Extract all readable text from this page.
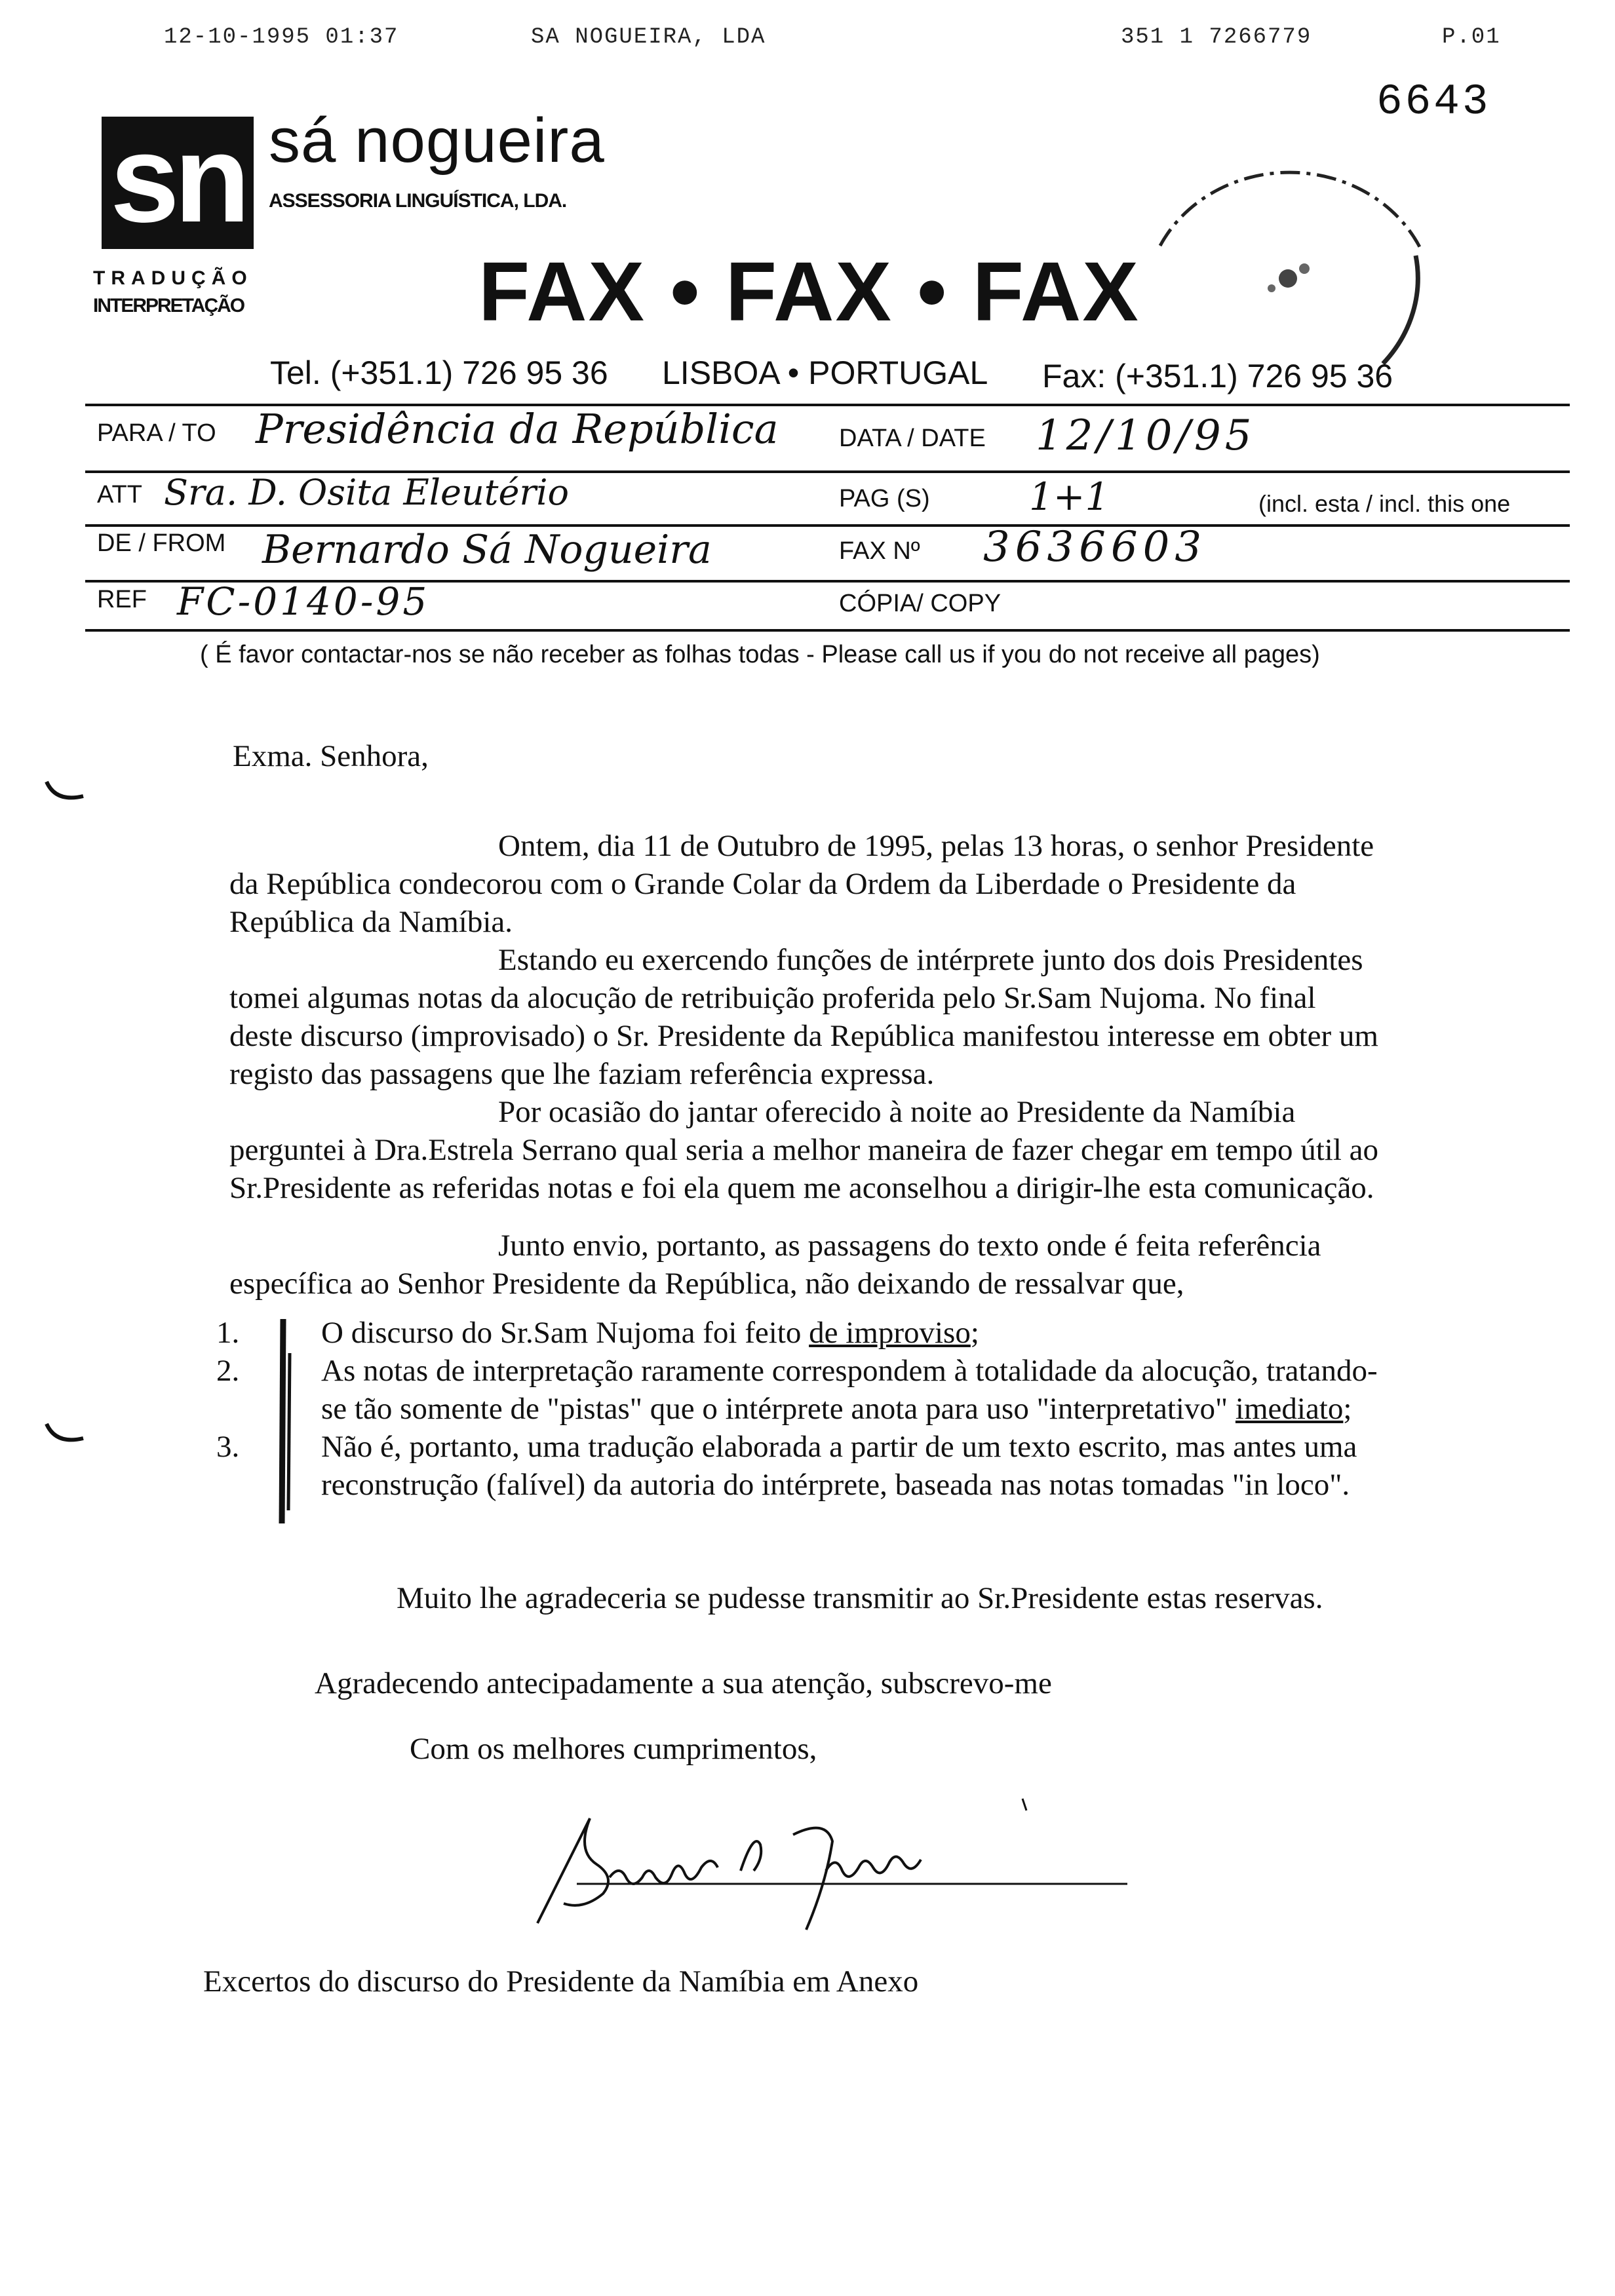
12-10-1995 01:37	SA NOGUEIRA, LDA	351 1 7266779	P.01
6643
sn sá nogueira
ASSESSORIA LINGUÍSTICA, LDA.
TRADUÇÃO
INTERPRETAÇÃO	FAX • FAX • FAX
Tel. (+351.1) 726 95 36 LISBOA • PORTUGAL Fax: (+351.1) 726 95 36
PARA / TO Presidência da República DATA / DATE 12/10/95
ATT Sra. D. Osita Eleutério	PAG (S)	1+1	(incl. esta / incl. this one
DE / FROM Bernardo Sá Nogueira	FAX Nº 3636603
REF FC-0140-95	CÓPIA/ COPY
( É favor contactar-nos se não receber as folhas todas - Please call us if you do not receive all pages)
Exma. Senhora,

Ontem, dia 11 de Outubro de 1995, pelas 13 horas, o senhor Presidente da República condecorou com o Grande Colar da Ordem da Liberdade o Presidente da República da Namíbia.

Estando eu exercendo funções de intérprete junto dos dois Presidentes tomei algumas notas da alocução de retribuição proferida pelo Sr.Sam Nujoma. No final deste discurso (improvisado) o Sr. Presidente da República manifestou interesse em obter um registo das passagens que lhe faziam referência expressa.

Por ocasião do jantar oferecido à noite ao Presidente da Namíbia perguntei à Dra.Estrela Serrano qual seria a melhor maneira de fazer chegar em tempo útil ao Sr.Presidente as referidas notas e foi ela quem me aconselhou a dirigir-lhe esta comunicação.

Junto envio, portanto, as passagens do texto onde é feita referência específica ao Senhor Presidente da República, não deixando de ressalvar que,

1.	O discurso do Sr.Sam Nujoma foi feito de improviso;
2.	As notas de interpretação raramente correspondem à totalidade da alocução, tratando-se tão somente de "pistas" que o intérprete anota para uso "interpretativo" imediato;
3.	Não é, portanto, uma tradução elaborada a partir de um texto escrito, mas antes uma reconstrução (falível) da autoria do intérprete, baseada nas notas tomadas "in loco".

Muito lhe agradeceria se pudesse transmitir ao Sr.Presidente estas reservas.

Agradecendo antecipadamente a sua atenção, subscrevo-me
Com os melhores cumprimentos,
Excertos do discurso do Presidente da Namíbia em Anexo
